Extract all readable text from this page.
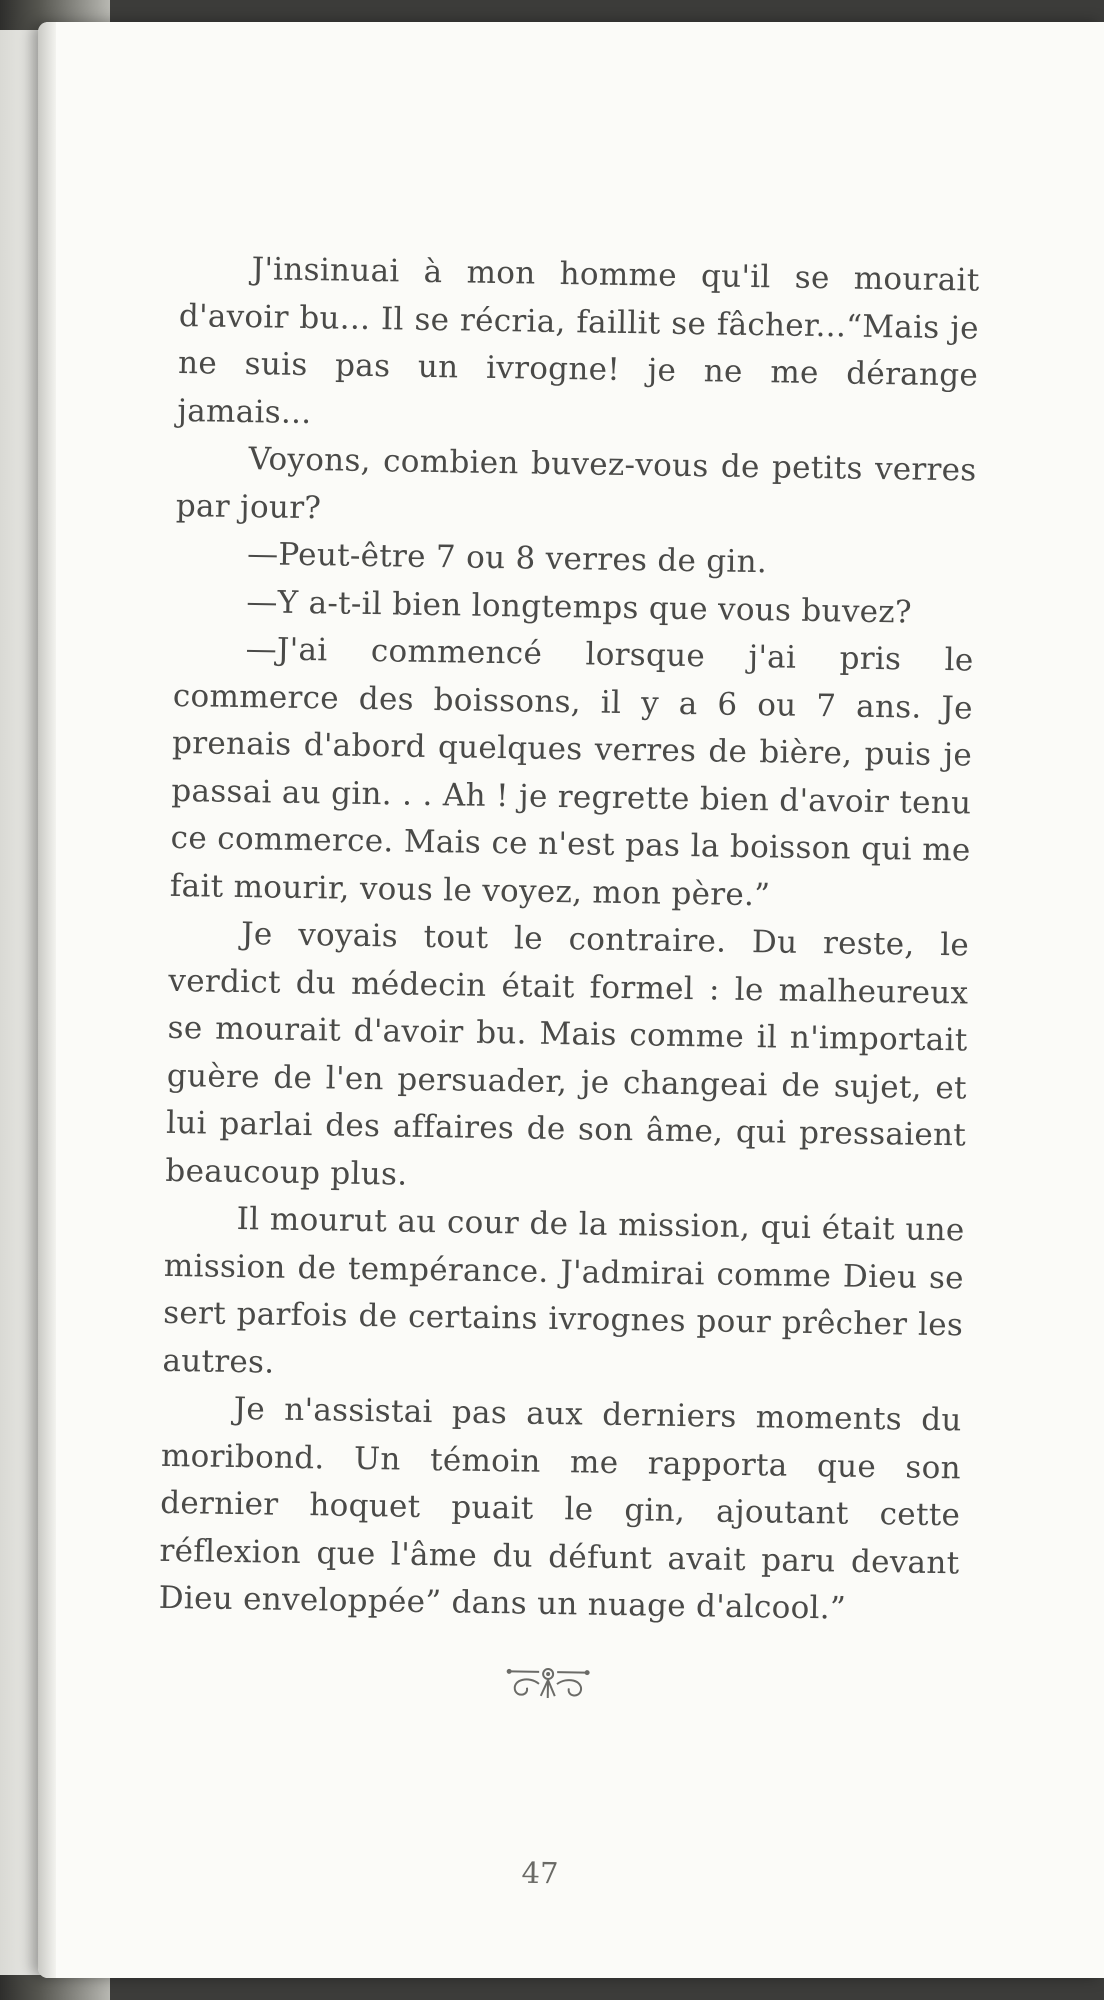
J'insinuai à mon homme qu'il se mourait d'avoir bu... Il se récria, faillit se fâcher...“Mais je ne suis pas un ivrogne! je ne me dérange jamais...

Voyons, combien buvez-vous de petits verres par jour?

—Peut-être 7 ou 8 verres de gin.

—Y a-t-il bien longtemps que vous buvez?

—J'ai commencé lorsque j'ai pris le commerce des boissons, il y a 6 ou 7 ans. Je prenais d'abord quelques verres de bière, puis je passai au gin. . . Ah ! je regrette bien d'avoir tenu ce commerce. Mais ce n'est pas la boisson qui me fait mourir, vous le voyez, mon père.”

Je voyais tout le contraire. Du reste, le verdict du médecin était formel : le malheureux se mourait d'avoir bu. Mais comme il n'importait guère de l'en persuader, je changeai de sujet, et lui parlai des affaires de son âme, qui pressaient beaucoup plus.

Il mourut au cour de la mission, qui était une mission de tempérance. J'admirai comme Dieu se sert parfois de certains ivrognes pour prêcher les autres.

Je n'assistai pas aux derniers moments du moribond. Un témoin me rapporta que son dernier hoquet puait le gin, ajoutant cette réflexion que l'âme du défunt avait paru devant Dieu enveloppée” dans un nuage d'alcool.”

47
